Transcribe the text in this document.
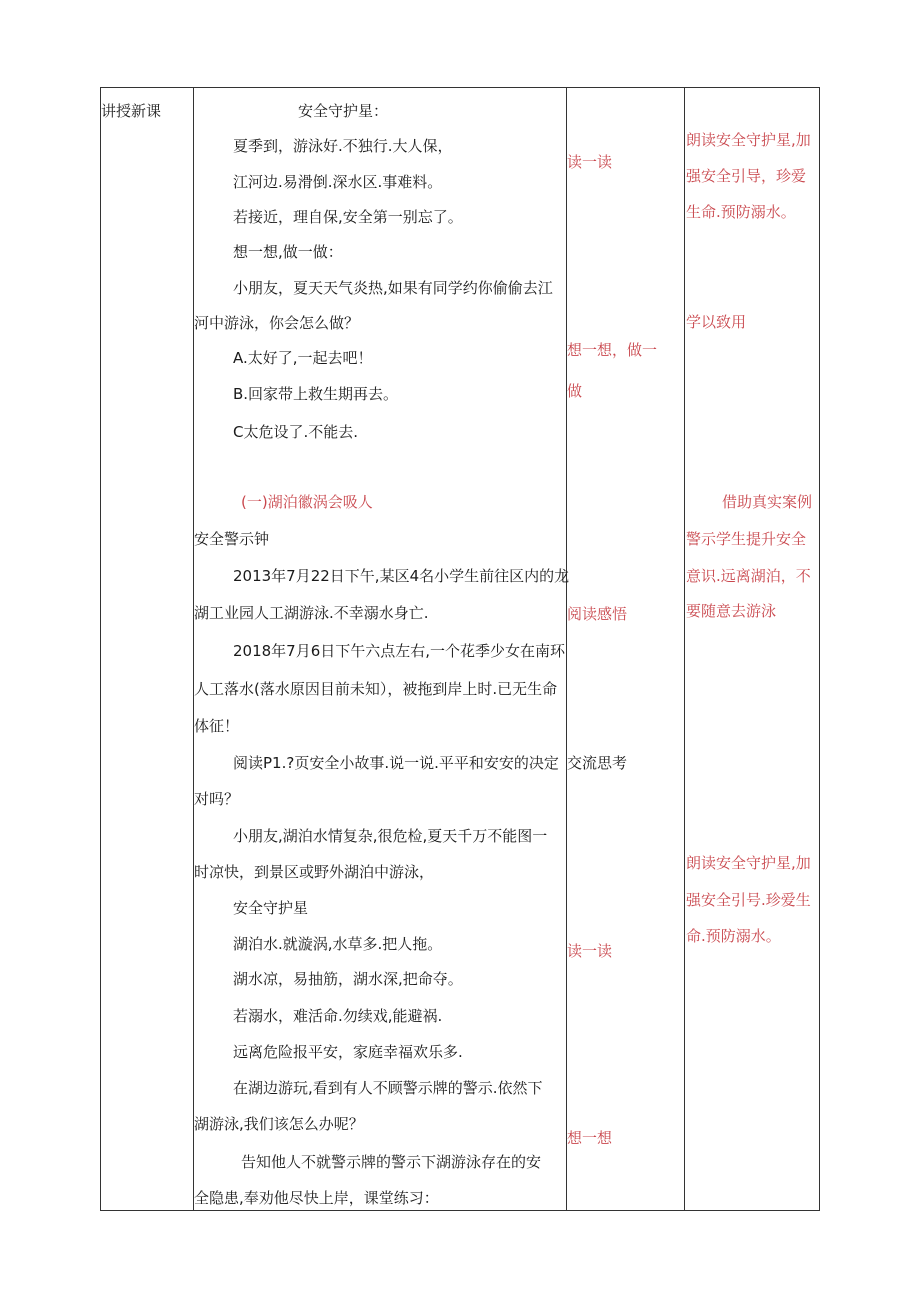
讲授新课	安全守护星：
夏季到，游泳好.不独行.大人保，
江河边.易滑倒.深水区.事难料。
若接近，理自保,安全第一别忘了。
想一想,做一做：
小朋友，夏天天气炎热,如果有同学约你偷偷去江
河中游泳，你会怎么做？
A.太好了,一起去吧！
B.回家带上救生期再去。
C太危设了.不能去.
(一)湖泊徽涡会吸人
安全警示钟
2013年7月22日下午,某区4名小学生前往区内的龙
湖工业园人工湖游泳.不幸溺水身亡.
2018年7月6日下午六点左右,一个花季少女在南环
人工落水(落水原因目前未知），被拖到岸上时.已无生命
体征！
阅读P1.?页安全小故事.说一说.平平和安安的决定
对吗？
小朋友,湖泊水情复杂,很危检,夏天千万不能图一
时凉快，到景区或野外湖泊中游泳，
安全守护星
湖泊水.就漩涡,水草多.把人拖。
湖水凉，易抽筋，湖水深,把命夺。
若溺水，难活命.勿续戏,能避祸.
远离危险报平安，家庭幸福欢乐多.
在湖边游玩,看到有人不顾警示牌的警示.依然下
湖游泳,我们该怎么办呢？
告知他人不就警示牌的警示下湖游泳存在的安
全隐患,奉劝他尽快上岸，课堂练习：
读一读
想一想，做一
做
阅读感悟
交流思考
读一读
想一想
朗读安全守护星,加
强安全引导，珍爱
生命.预防溺水。
学以致用
借助真实案例
警示学生提升安全
意识.远离湖泊，不
要随意去游泳
朗读安全守护星,加
强安全引号.珍爱生
命.预防溺水。
